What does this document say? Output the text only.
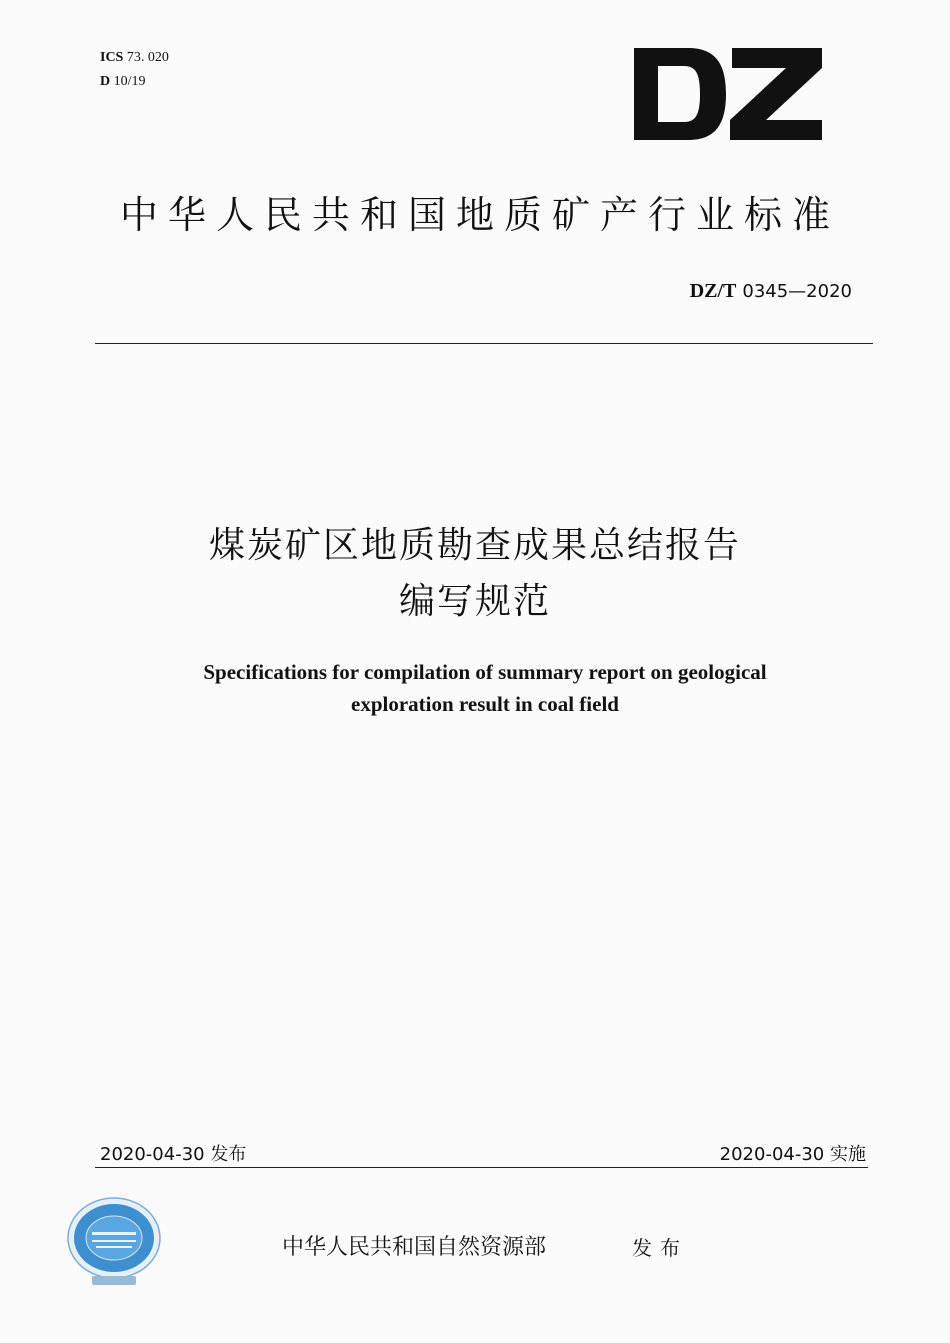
ICS 73. 020
D 10/19
中华人民共和国地质矿产行业标准
DZ/T 0345—2020
煤炭矿区地质勘查成果总结报告
编写规范
Specifications for compilation of summary report on geological
exploration result in coal field
2020-04-30 发布	2020-04-30 实施
中华人民共和国自然资源部	发布
